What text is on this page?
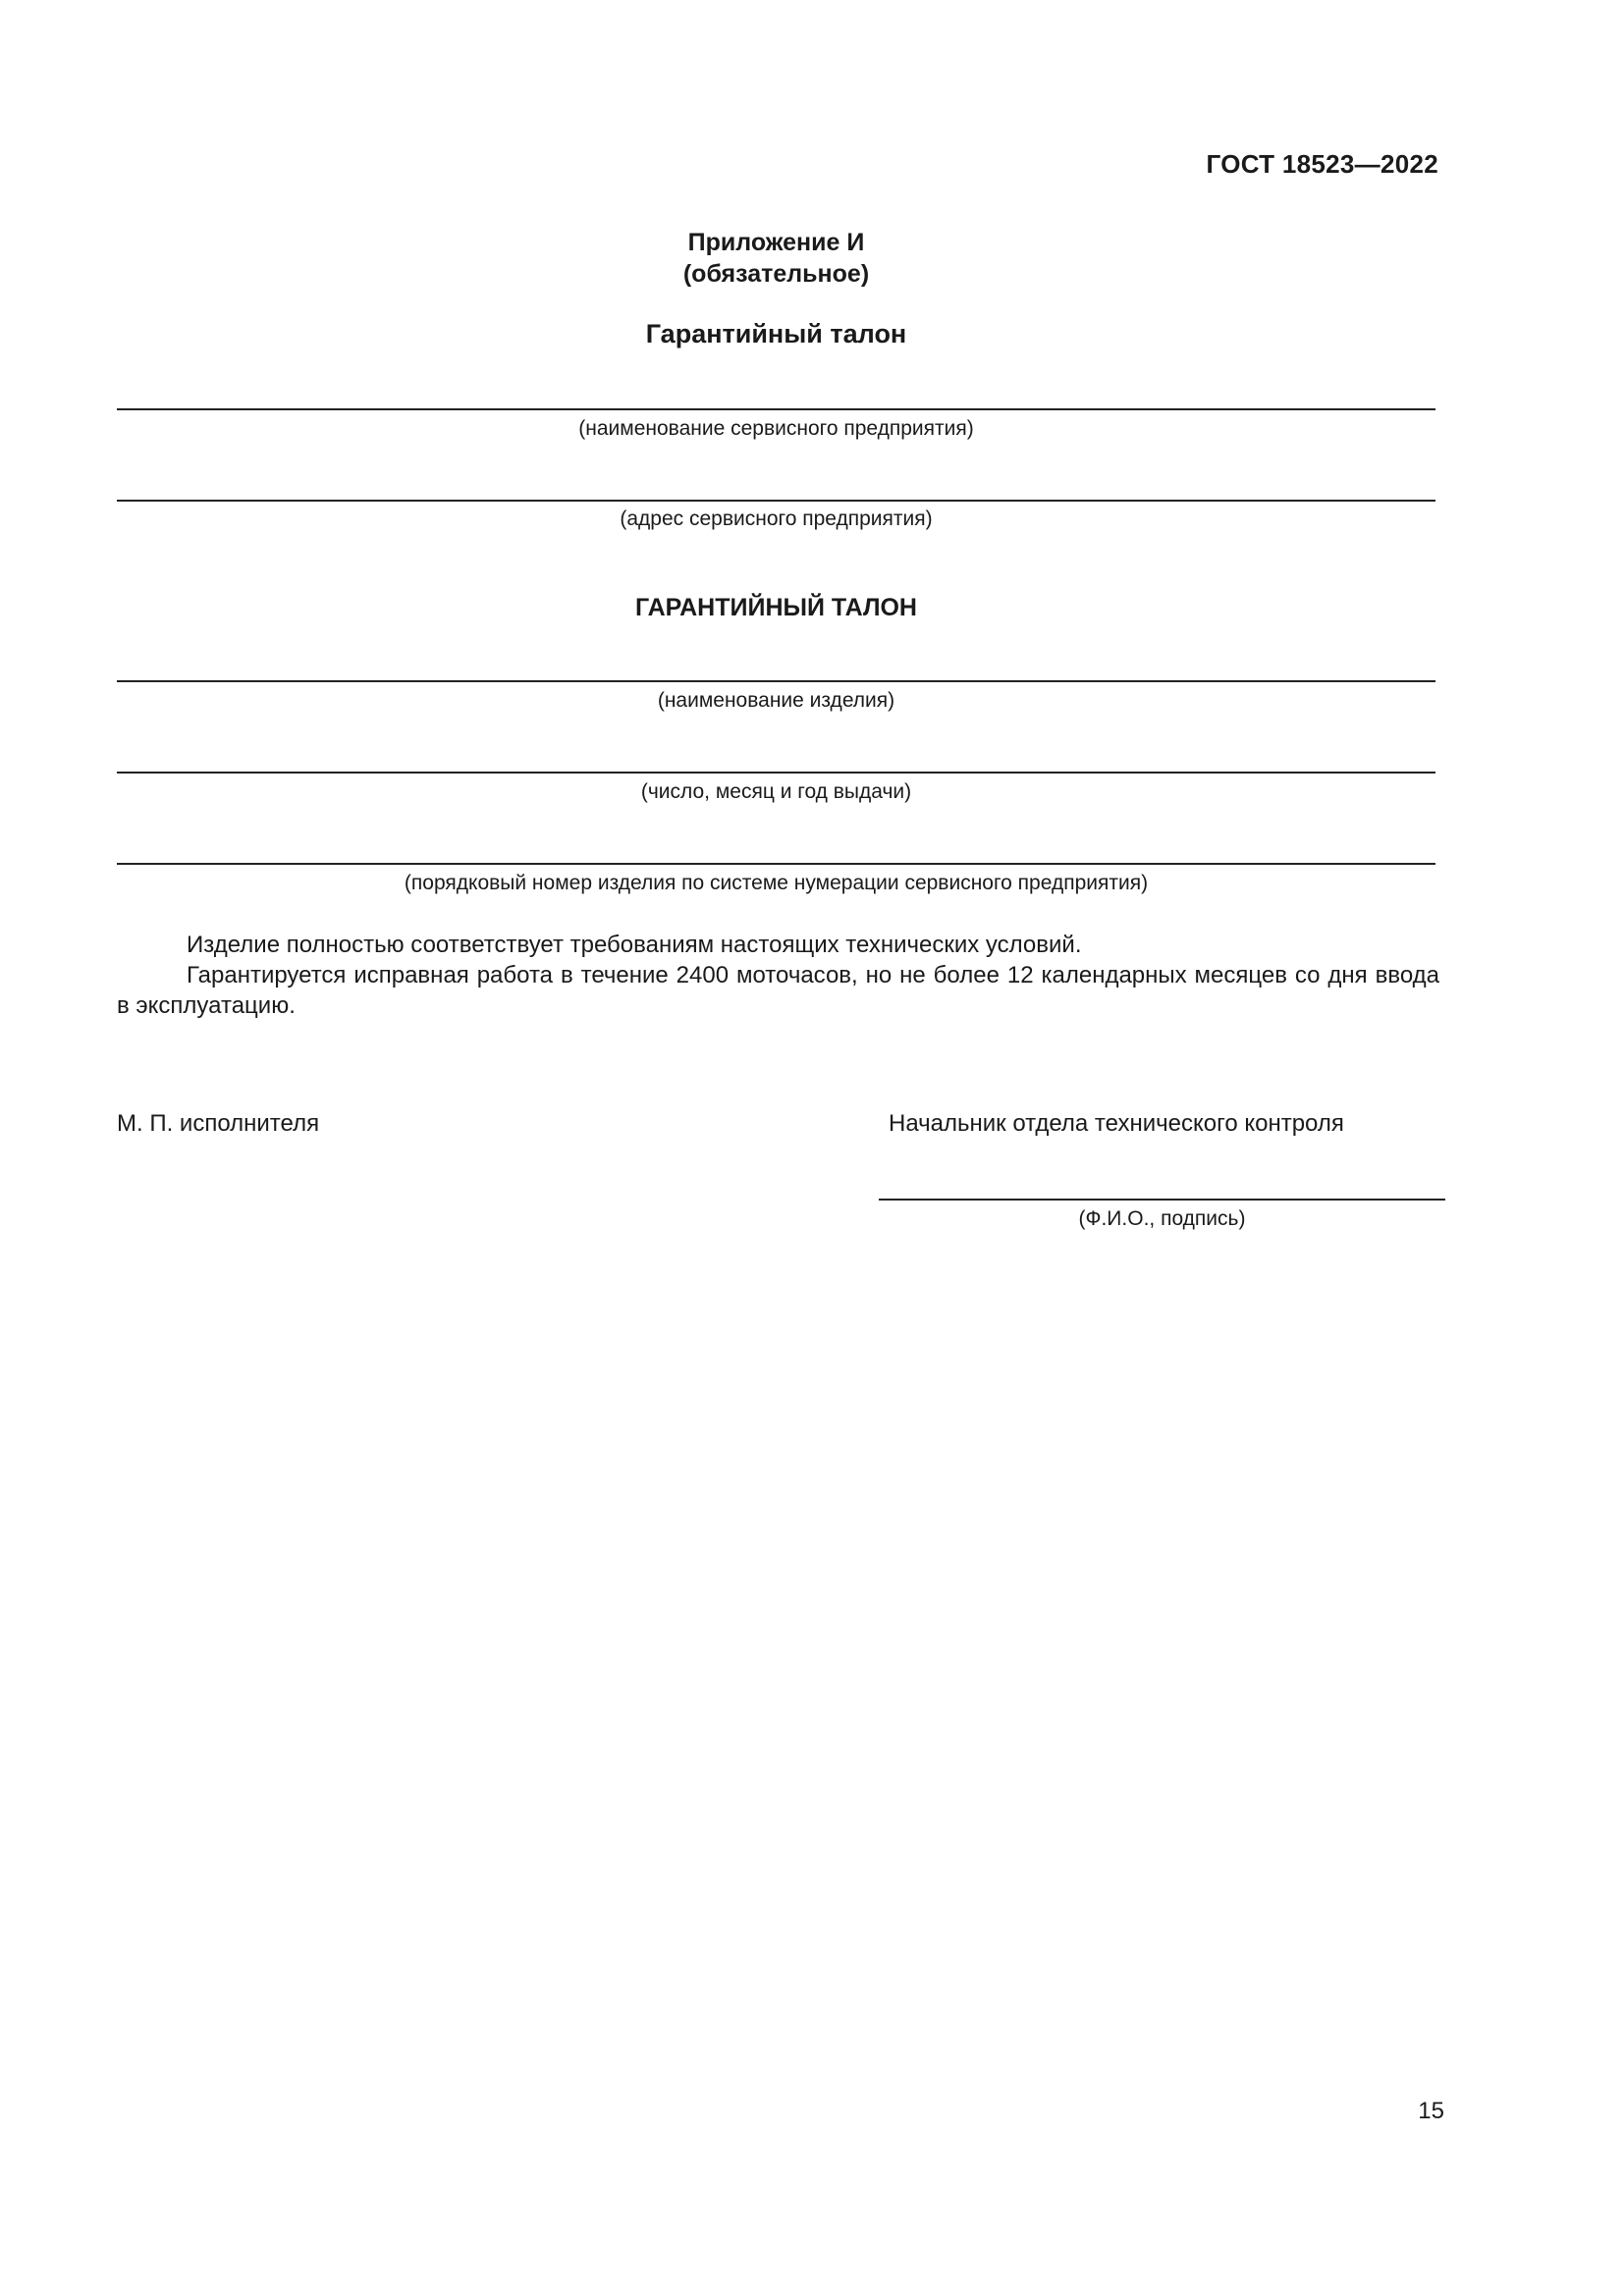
ГОСТ 18523—2022
Приложение И
(обязательное)
Гарантийный талон
(наименование сервисного предприятия)
(адрес сервисного предприятия)
ГАРАНТИЙНЫЙ ТАЛОН
(наименование изделия)
(число, месяц и год выдачи)
(порядковый номер изделия по системе нумерации сервисного предприятия)

Изделие полностью соответствует требованиям настоящих технических условий.

Гарантируется исправная работа в течение 2400 моточасов, но не более 12 календарных месяцев со дня ввода в эксплуатацию.

М. П. исполнителя	Начальник отдела технического контроля
(Ф.И.О., подпись)
15
